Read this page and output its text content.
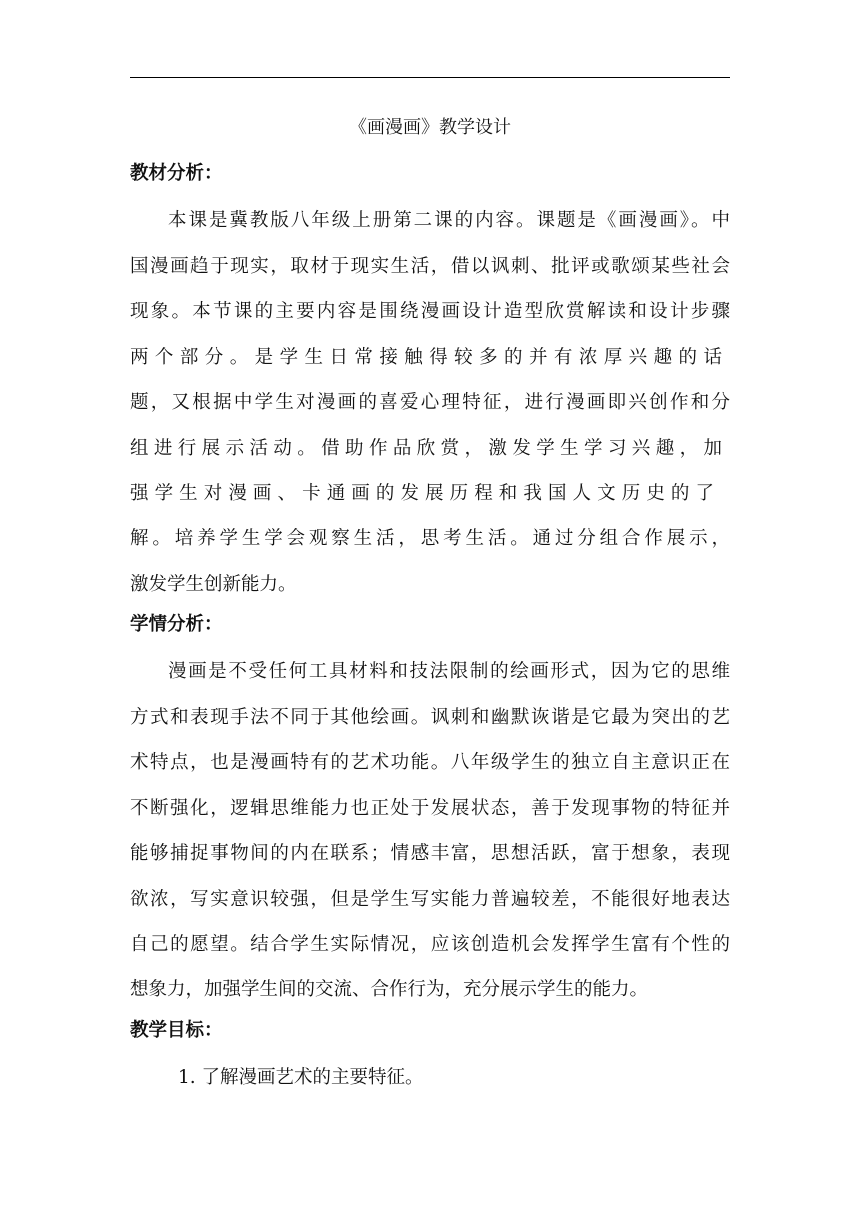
《画漫画》教学设计
教材分析：
本课是冀教版八年级上册第二课的内容。课题是《画漫画》。中
国漫画趋于现实，取材于现实生活，借以讽刺、批评或歌颂某些社会
现象。本节课的主要内容是围绕漫画设计造型欣赏解读和设计步骤
两个部分。是学生日常接触得较多的并有浓厚兴趣的话
题，又根据中学生对漫画的喜爱心理特征，进行漫画即兴创作和分
组进行展示活动。借助作品欣赏，激发学生学习兴趣，加
强学生对漫画、卡通画的发展历程和我国人文历史的了
解。培养学生学会观察生活，思考生活。通过分组合作展示，
激发学生创新能力。
学情分析：
漫画是不受任何工具材料和技法限制的绘画形式，因为它的思维
方式和表现手法不同于其他绘画。讽刺和幽默诙谐是它最为突出的艺
术特点，也是漫画特有的艺术功能。八年级学生的独立自主意识正在
不断强化，逻辑思维能力也正处于发展状态，善于发现事物的特征并
能够捕捉事物间的内在联系；情感丰富，思想活跃，富于想象，表现
欲浓，写实意识较强，但是学生写实能力普遍较差，不能很好地表达
自己的愿望。结合学生实际情况，应该创造机会发挥学生富有个性的
想象力，加强学生间的交流、合作行为，充分展示学生的能力。
教学目标：
1. 了解漫画艺术的主要特征。
